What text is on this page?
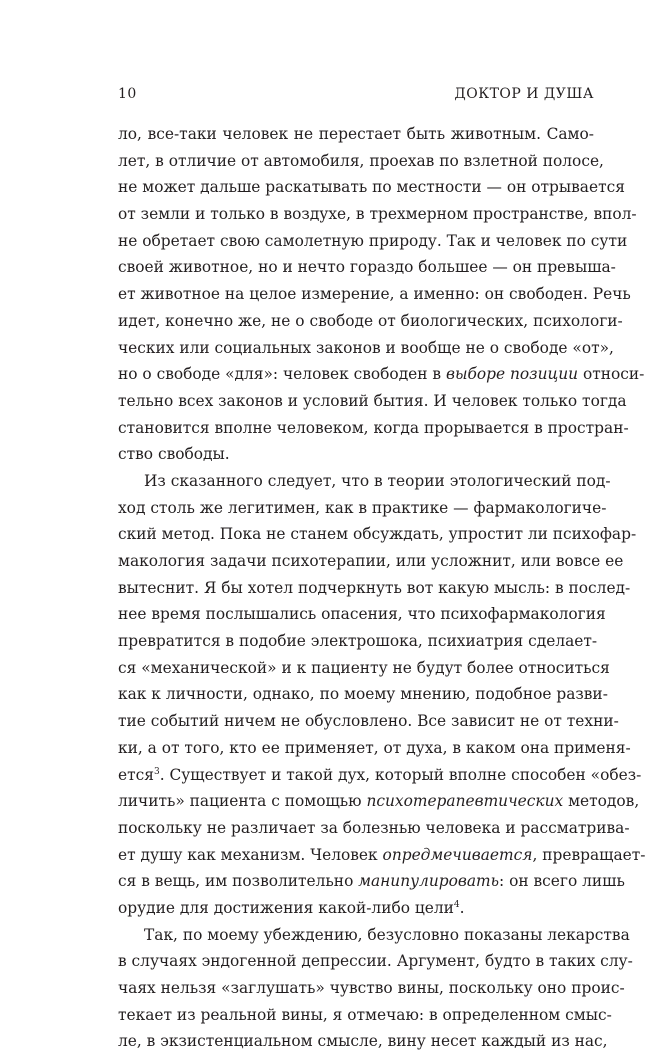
10	ДОКТОР И ДУША
ло, все-таки человек не перестает быть животным. Само-
лет, в отличие от автомобиля, проехав по взлетной полосе,
не может дальше раскатывать по местности — он отрывается
от земли и только в воздухе, в трехмерном пространстве, впол-
не обретает свою самолетную природу. Так и человек по сути
своей животное, но и нечто гораздо большее — он превыша-
ет животное на целое измерение, а именно: он свободен. Речь
идет, конечно же, не о свободе от биологических, психологи-
ческих или социальных законов и вообще не о свободе «от»,
но о свободе «для»: человек свободен в выборе позиции относи-
тельно всех законов и условий бытия. И человек только тогда
становится вполне человеком, когда прорывается в простран-
ство свободы.
Из сказанного следует, что в теории этологический под-
ход столь же легитимен, как в практике — фармакологиче-
ский метод. Пока не станем обсуждать, упростит ли психофар-
макология задачи психотерапии, или усложнит, или вовсе ее
вытеснит. Я бы хотел подчеркнуть вот какую мысль: в послед-
нее время послышались опасения, что психофармакология
превратится в подобие электрошока, психиатрия сделает-
ся «механической» и к пациенту не будут более относиться
как к личности, однако, по моему мнению, подобное разви-
тие событий ничем не обусловлено. Все зависит не от техни-
ки, а от того, кто ее применяет, от духа, в каком она применя-
ется$^3$. Существует и такой дух, который вполне способен «обез-
личить» пациента с помощью психотерапевтических методов,
поскольку не различает за болезнью человека и рассматрива-
ет душу как механизм. Человек опредмечивается, превращает-
ся в вещь, им позволительно манипулировать: он всего лишь
орудие для достижения какой-либо цели$^4$.
Так, по моему убеждению, безусловно показаны лекарства
в случаях эндогенной депрессии. Аргумент, будто в таких слу-
чаях нельзя «заглушать» чувство вины, поскольку оно проис-
текает из реальной вины, я отмечаю: в определенном смыс-
ле, в экзистенциальном смысле, вину несет каждый из нас,
